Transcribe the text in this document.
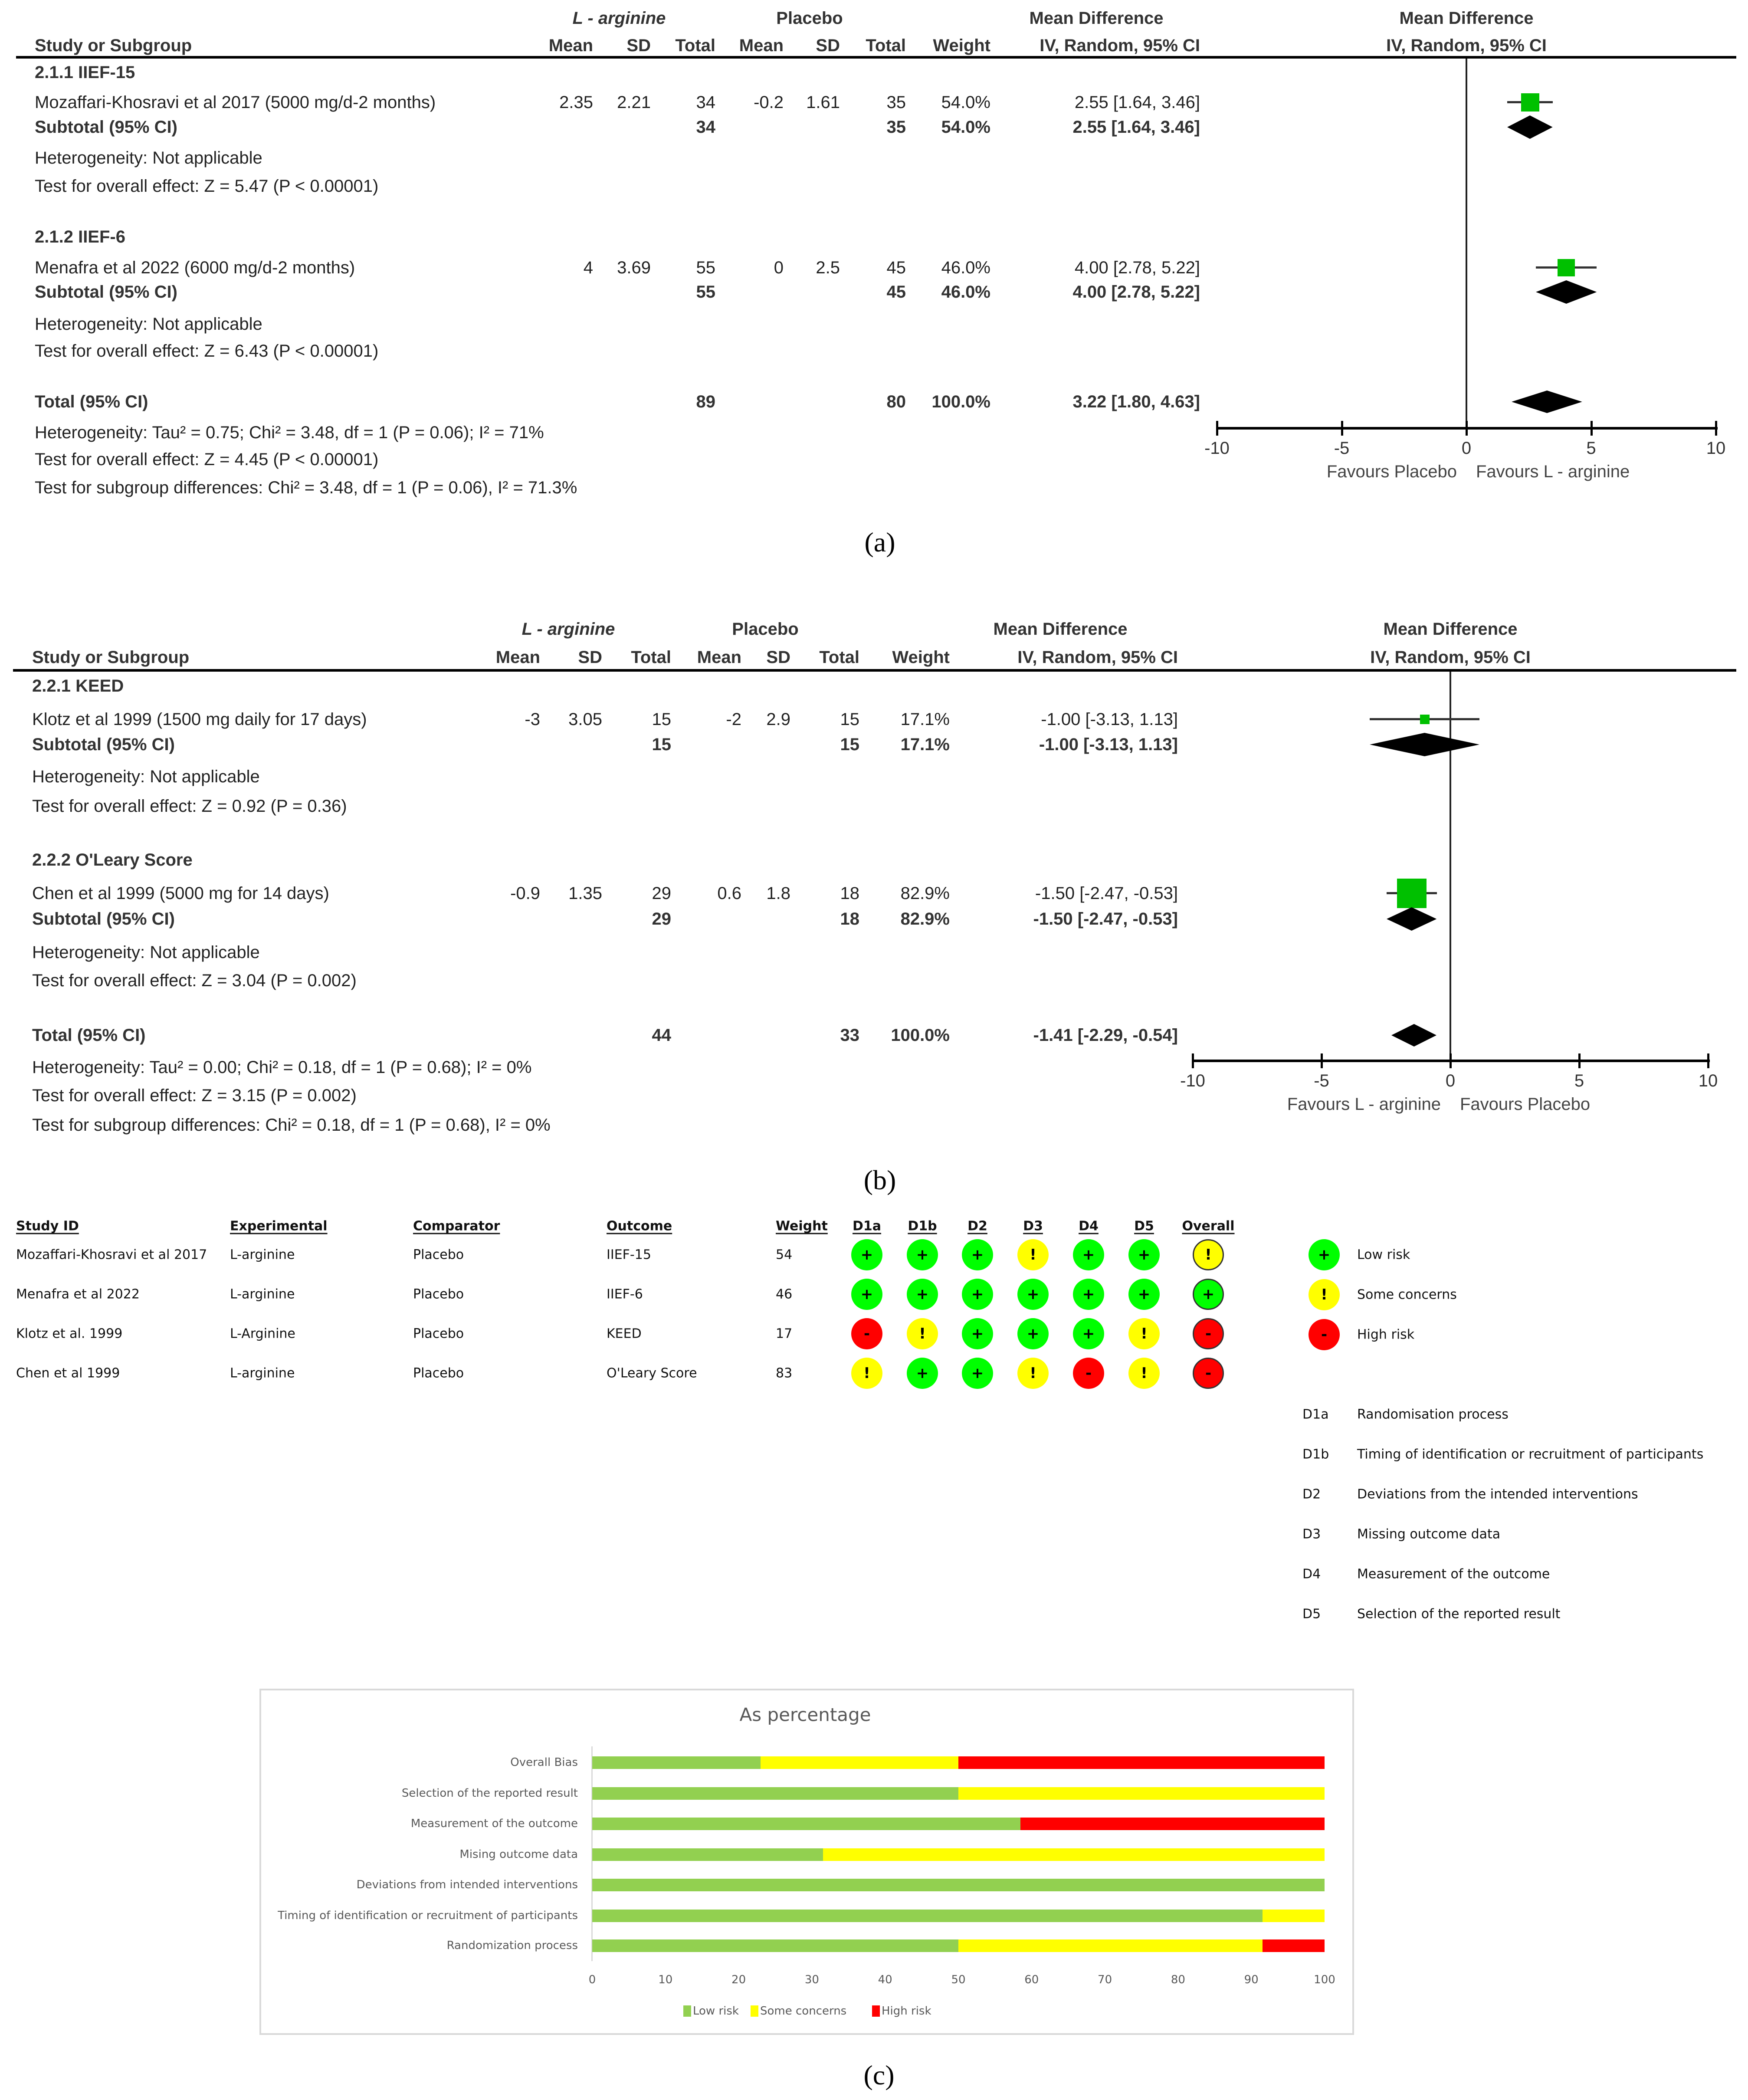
L - arginine	Placebo	Mean Difference	Mean Difference
Study or Subgroup	Mean SD Total Mean SD Total Weight	IV, Random, 95% CI	IV, Random, 95% CI
2.1.1 IIEF-15
Mozaffari-Khosravi et al 2017 (5000 mg/d-2 months)	2.35 2.21	34 -0.2 1.61	35 54.0%	2.55 [1.64, 3.46]
Subtotal (95% CI)	34	35 54.0%	2.55 [1.64, 3.46]
Heterogeneity: Not applicable
Test for overall effect: Z = 5.47 (P < 0.00001)
2.1.2 IIEF-6
Menafra et al 2022 (6000 mg/d-2 months)	4 3.69	55	0 2.5	45 46.0%	4.00 [2.78, 5.22]
Subtotal (95% CI)	55	45 46.0%	4.00 [2.78, 5.22]
Heterogeneity: Not applicable
Test for overall effect: Z = 6.43 (P < 0.00001)
Total (95% CI)	89	80 100.0%	3.22 [1.80, 4.63]
Heterogeneity: Tau² = 0.75; Chi² = 3.48, df = 1 (P = 0.06); I² = 71%
Test for overall effect: Z = 4.45 (P < 0.00001)
Test for subgroup differences: Chi² = 3.48, df = 1 (P = 0.06), I² = 71.3%
-10	-5	0	5	10
Favours Placebo Favours L - arginine
(a)
L - arginine	Placebo	Mean Difference	Mean Difference
Study or Subgroup	Mean SD Total Mean SD Total Weight	IV, Random, 95% CI	IV, Random, 95% CI
2.2.1 KEED
Klotz et al 1999 (1500 mg daily for 17 days)	-3 3.05	15	-2 2.9	15 17.1%	-1.00 [-3.13, 1.13]
Subtotal (95% CI)	15	15 17.1%	-1.00 [-3.13, 1.13]
Heterogeneity: Not applicable
Test for overall effect: Z = 0.92 (P = 0.36)
2.2.2 O'Leary Score
Chen et al 1999 (5000 mg for 14 days)	-0.9 1.35	29	0.6 1.8	18 82.9%	-1.50 [-2.47, -0.53]
Subtotal (95% CI)	29	18 82.9%	-1.50 [-2.47, -0.53]
Heterogeneity: Not applicable
Test for overall effect: Z = 3.04 (P = 0.002)
Total (95% CI)	44	33 100.0%	-1.41 [-2.29, -0.54]
Heterogeneity: Tau² = 0.00; Chi² = 0.18, df = 1 (P = 0.68); I² = 0%
Test for overall effect: Z = 3.15 (P = 0.002)
Test for subgroup differences: Chi² = 0.18, df = 1 (P = 0.68), I² = 0%
-10	-5	0	5	10
Favours L - arginine Favours Placebo
(b)
Study ID	Experimental	Comparator	Outcome	Weight D1a D1b D2	D3	D4	D5 Overall
Mozaffari-Khosravi et al 2017 L-arginine	Placebo	IIEF-15	54	+	+	+	!	+	+	!
Menafra et al 2022	L-arginine	Placebo	IIEF-6	46	+	+	+	+	+	+	+
Klotz et al. 1999	L-Arginine	Placebo	KEED	17	-	!	+	+	+	!	-
Chen et al 1999	L-arginine	Placebo	O'Leary Score	83	!	+	+	!	-	!	-
+	Low risk
!	Some concerns
-	High risk
D1a Randomisation process
D1b Timing of identification or recruitment of participants
D2	Deviations from the intended interventions
D3	Missing outcome data
D4	Measurement of the outcome
D5	Selection of the reported result
As percentage
Overall Bias
Selection of the reported result
Measurement of the outcome
Mising outcome data
Deviations from intended interventions
Timing of identification or recruitment of participants
Randomization process
0	10	20	30	40	50	60	70	80	90	100
Low risk Some concerns	High risk
(c)
